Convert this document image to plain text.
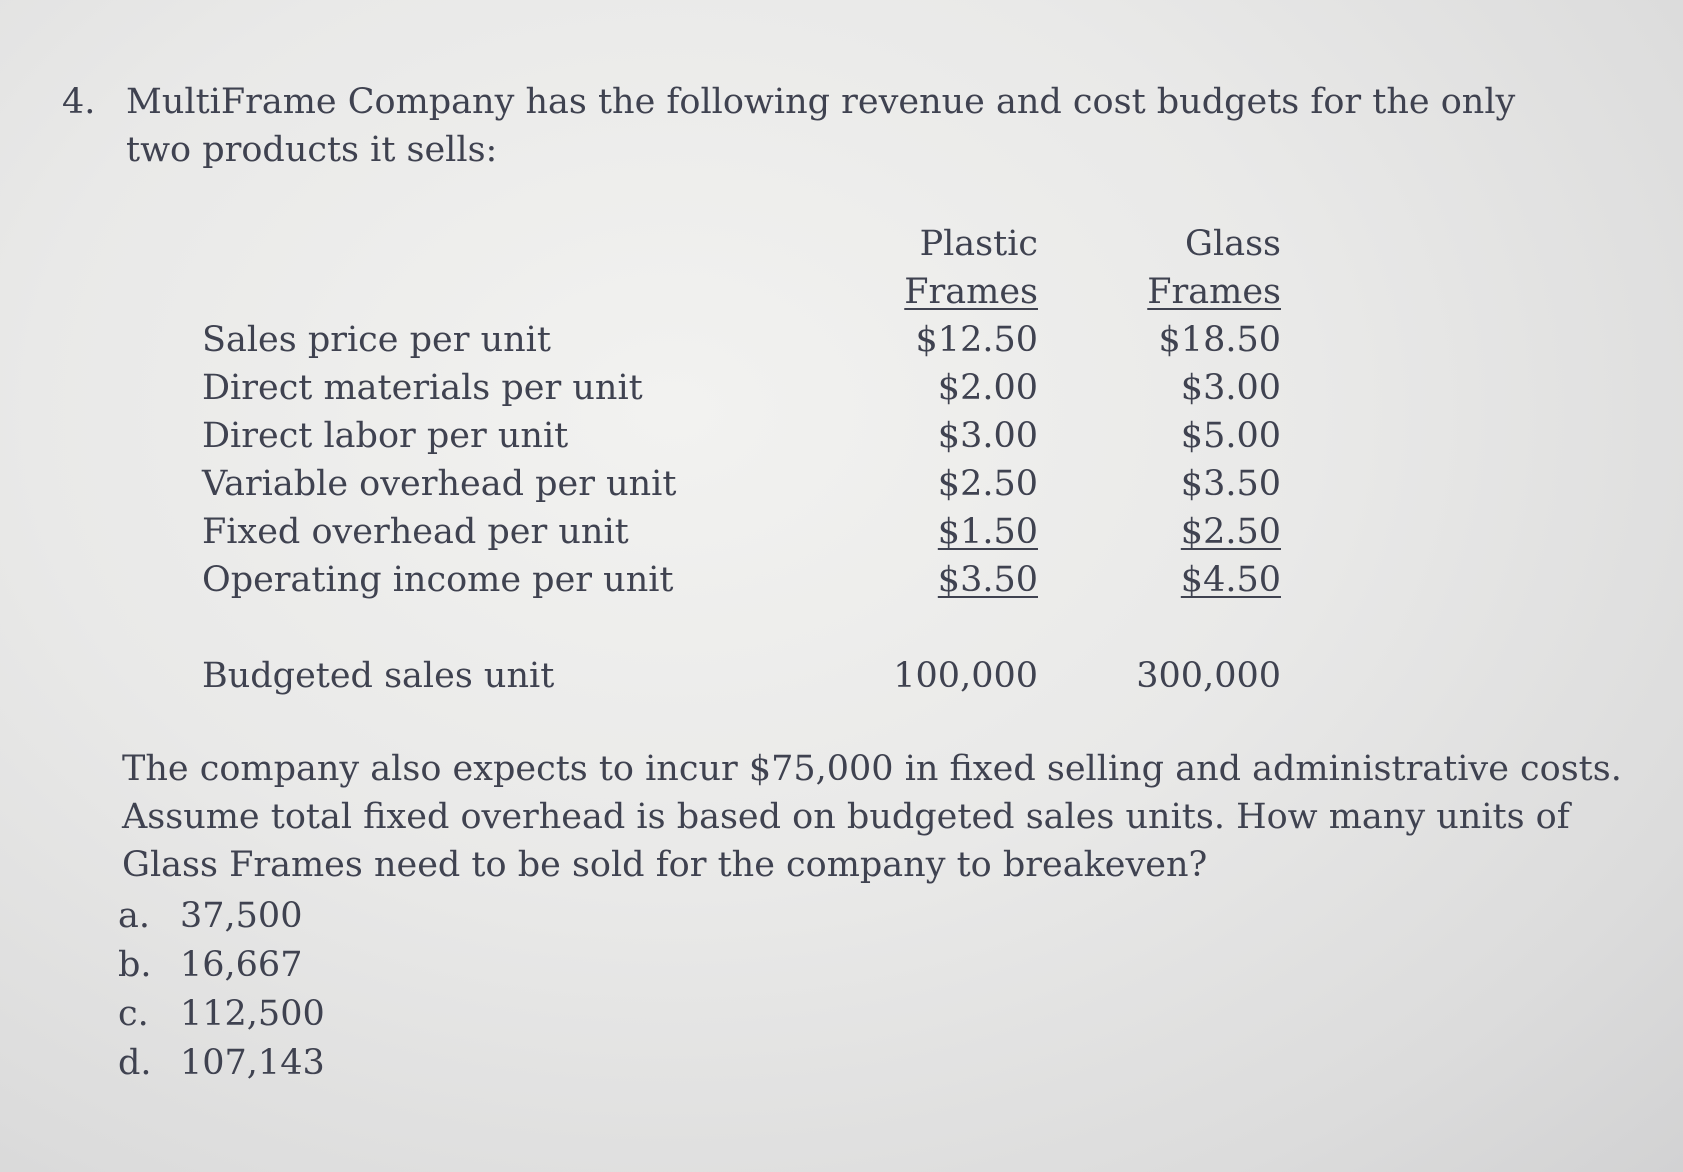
4. MultiFrame Company has the following revenue and cost budgets for the only two products it sells:
Plastic
Frames
Glass
Frames
Sales price per unit	$12.50	$18.50
Direct materials per unit	$2.00	$3.00
Direct labor per unit	$3.00	$5.00
Variable overhead per unit	$2.50	$3.50
Fixed overhead per unit	$1.50	$2.50
Operating income per unit	$3.50	$4.50
Budgeted sales unit	100,000	300,000
The company also expects to incur $75,000 in fixed selling and administrative costs. Assume total fixed overhead is based on budgeted sales units. How many units of Glass Frames need to be sold for the company to breakeven?
a. 37,500
b. 16,667
c. 112,500
d. 107,143
